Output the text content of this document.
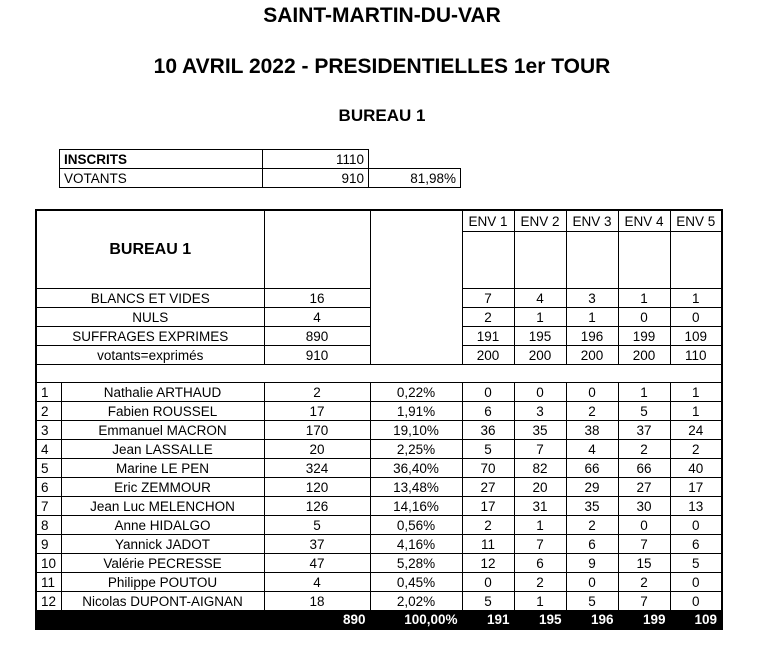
SAINT-MARTIN-DU-VAR
10 AVRIL 2022 - PRESIDENTIELLES 1er TOUR
BUREAU 1
INSCRITS	1110	
VOTANTS	910	81,98%
BUREAU 1				ENV 1	ENV 2	ENV 3	ENV 4	ENV 5

BLANCS ET VIDES		16		7	4	3	1	1
NULS		4		2	1	1	0	0
SUFFRAGES EXPRIMES		890		191	195	196	199	109
votants=exprimés		910		200	200	200	200	110

1	Nathalie ARTHAUD	2	0,22%	0	0	0	1	1
2	Fabien ROUSSEL	17	1,91%	6	3	2	5	1
3	Emmanuel MACRON	170	19,10%	36	35	38	37	24
4	Jean LASSALLE	20	2,25%	5	7	4	2	2
5	Marine LE PEN	324	36,40%	70	82	66	66	40
6	Eric ZEMMOUR	120	13,48%	27	20	29	27	17
7	Jean Luc MELENCHON	126	14,16%	17	31	35	30	13
8	Anne HIDALGO	5	0,56%	2	1	2	0	0
9	Yannick JADOT	37	4,16%	11	7	6	7	6
10	Valérie PECRESSE	47	5,28%	12	6	9	15	5
11	Philippe POUTOU	4	0,45%	0	2	0	2	0
12	Nicolas DUPONT-AIGNAN	18	2,02%	5	1	5	7	0
		890	100,00%	191	195	196	199	109
